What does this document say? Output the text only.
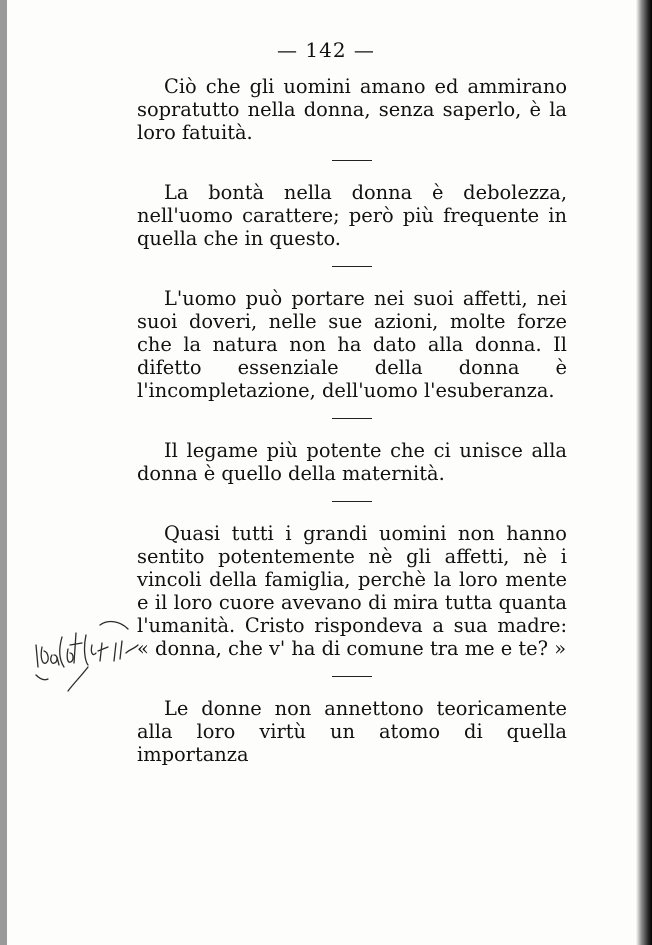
— 142 —

Ciò che gli uomini amano ed ammirano sopratutto nella donna, senza saperlo, è la loro fatuità.

La bontà nella donna è debolezza, nell'uomo carattere; però più frequente in quella che in questo.

L'uomo può portare nei suoi affetti, nei suoi doveri, nelle sue azioni, molte forze che la natura non ha dato alla donna. Il difetto essenziale della donna è l'incompletazione, dell'uomo l'esuberanza.

Il legame più potente che ci unisce alla donna è quello della maternità.

Quasi tutti i grandi uomini non hanno sentito potentemente nè gli affetti, nè i vincoli della famiglia, perchè la loro mente e il loro cuore avevano di mira tutta quanta l'umanità. Cristo rispondeva a sua madre: « donna, che v' ha di comune tra me e te? »

Le donne non annettono teoricamente alla loro virtù un atomo di quella importanza
